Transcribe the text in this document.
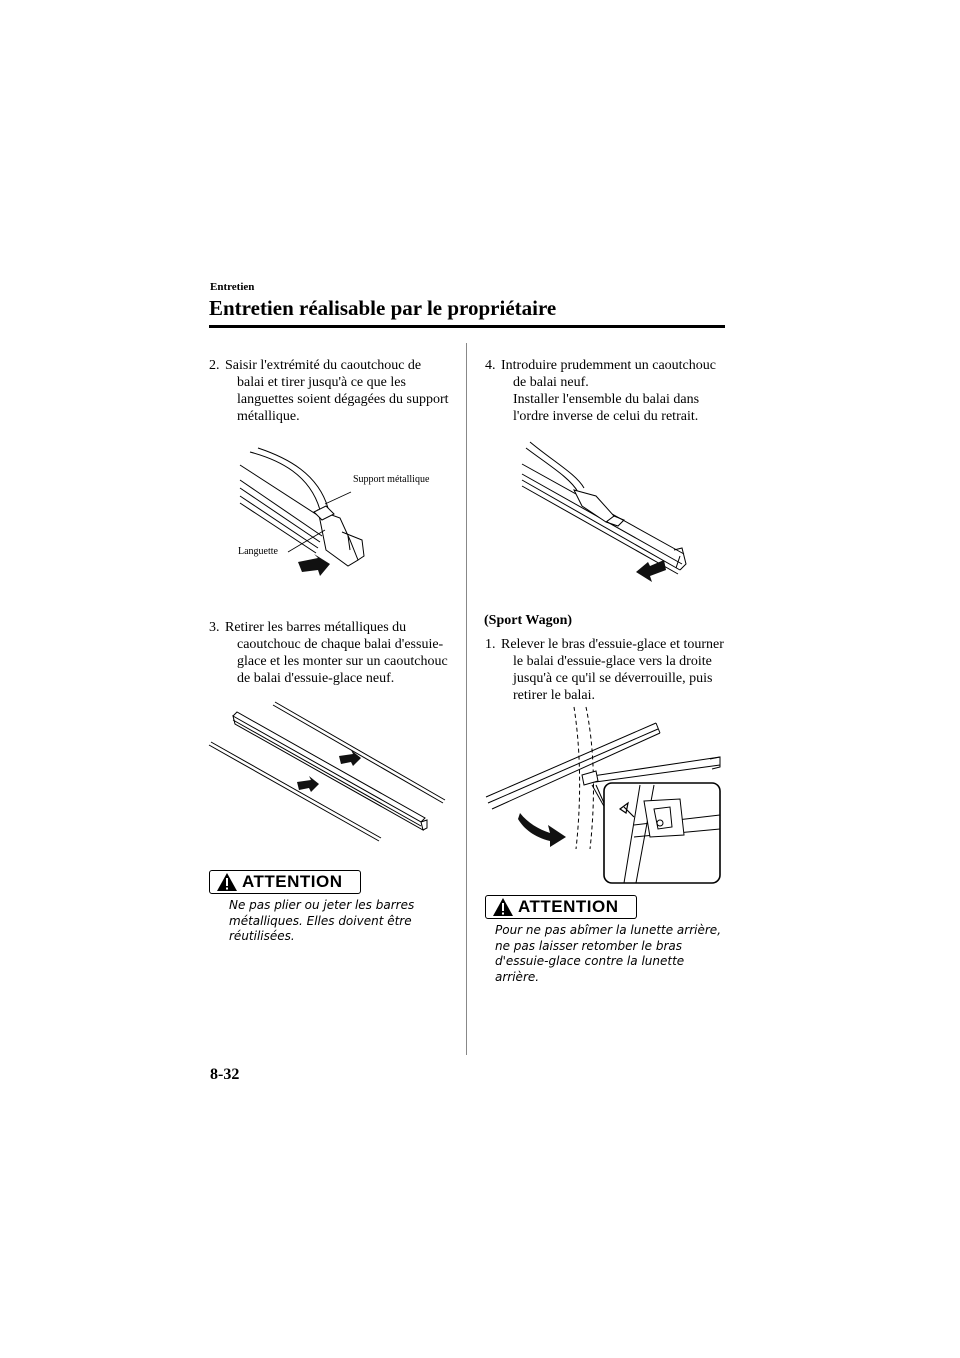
Entretien
Entretien réalisable par le propriétaire
2. Saisir l'extrémité du caoutchouc de
balai et tirer jusqu'à ce que les
languettes soient dégagées du support
métallique.
Support métallique
Languette
3. Retirer les barres métalliques du
caoutchouc de chaque balai d'essuie-
glace et les monter sur un caoutchouc
de balai d'essuie-glace neuf.
ATTENTION
Ne pas plier ou jeter les barres
métalliques. Elles doivent être
réutilisées.
4. Introduire prudemment un caoutchouc
de balai neuf.
Installer l'ensemble du balai dans
l'ordre inverse de celui du retrait.
(Sport Wagon)
1. Relever le bras d'essuie-glace et tourner
le balai d'essuie-glace vers la droite
jusqu'à ce qu'il se déverrouille, puis
retirer le balai.
ATTENTION
Pour ne pas abîmer la lunette arrière,
ne pas laisser retomber le bras
d'essuie-glace contre la lunette
arrière.
8-32
